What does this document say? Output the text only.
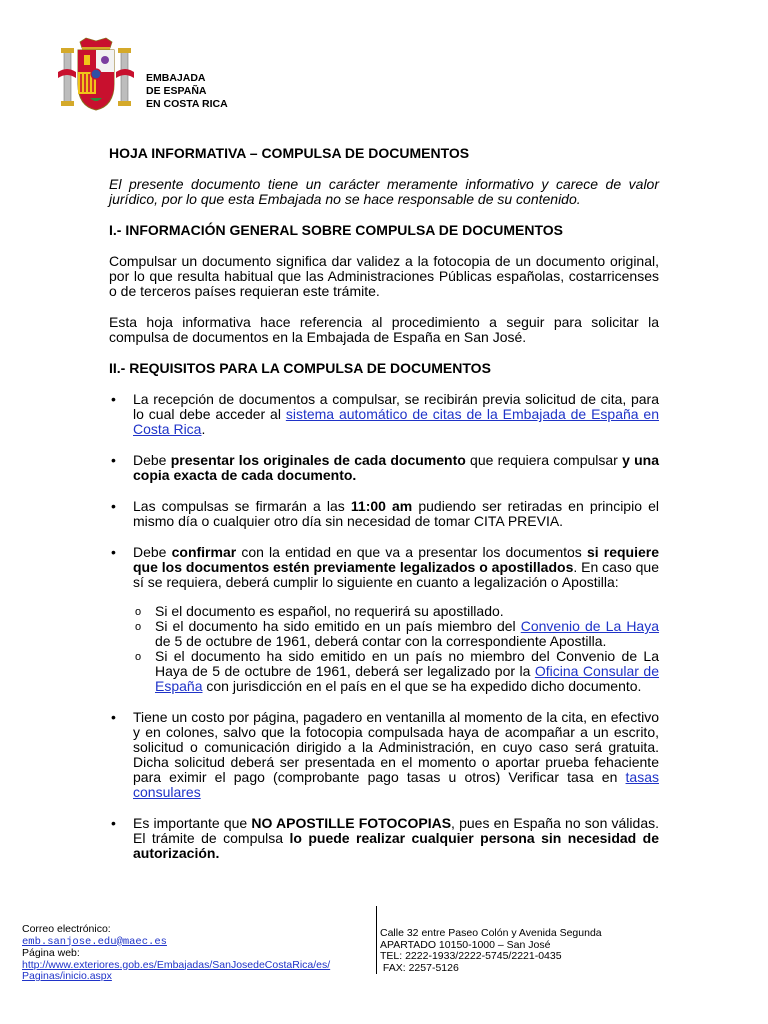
EMBAJADA
DE ESPAÑA
EN COSTA RICA
HOJA INFORMATIVA – COMPULSA DE DOCUMENTOS
El presente documento tiene un carácter meramente informativo y carece de valor jurídico, por lo que esta Embajada no se hace responsable de su contenido.
I.- INFORMACIÓN GENERAL SOBRE COMPULSA DE DOCUMENTOS
Compulsar un documento significa dar validez a la fotocopia de un documento original, por lo que resulta habitual que las Administraciones Públicas españolas, costarricenses o de terceros países requieran este trámite.
Esta hoja informativa hace referencia al procedimiento a seguir para solicitar la compulsa de documentos en la Embajada de España en San José.
II.- REQUISITOS PARA LA COMPULSA DE DOCUMENTOS
• La recepción de documentos a compulsar, se recibirán previa solicitud de cita, para lo cual debe acceder al sistema automático de citas de la Embajada de España en Costa Rica.
• Debe presentar los originales de cada documento que requiera compulsar y una copia exacta de cada documento.
• Las compulsas se firmarán a las 11:00 am pudiendo ser retiradas en principio el mismo día o cualquier otro día sin necesidad de tomar CITA PREVIA.
• Debe confirmar con la entidad en que va a presentar los documentos si requiere que los documentos estén previamente legalizados o apostillados. En caso que sí se requiera, deberá cumplir lo siguiente en cuanto a legalización o Apostilla:
o Si el documento es español, no requerirá su apostillado.
o Si el documento ha sido emitido en un país miembro del Convenio de La Haya de 5 de octubre de 1961, deberá contar con la correspondiente Apostilla.
o Si el documento ha sido emitido en un país no miembro del Convenio de La Haya de 5 de octubre de 1961, deberá ser legalizado por la Oficina Consular de España con jurisdicción en el país en el que se ha expedido dicho documento.
• Tiene un costo por página, pagadero en ventanilla al momento de la cita, en efectivo y en colones, salvo que la fotocopia compulsada haya de acompañar a un escrito, solicitud o comunicación dirigido a la Administración, en cuyo caso será gratuita. Dicha solicitud deberá ser presentada en el momento o aportar prueba fehaciente para eximir el pago (comprobante pago tasas u otros) Verificar tasa en tasas consulares
• Es importante que NO APOSTILLE FOTOCOPIAS, pues en España no son válidas. El trámite de compulsa lo puede realizar cualquier persona sin necesidad de autorización.
Correo electrónico:
emb.sanjose.edu@maec.es
Página web:
http://www.exteriores.gob.es/Embajadas/SanJosedeCostaRica/es/
Paginas/inicio.aspx
Calle 32 entre Paseo Colón y Avenida Segunda
APARTADO 10150-1000 – San José
TEL: 2222-1933/2222-5745/2221-0435
FAX: 2257-5126
